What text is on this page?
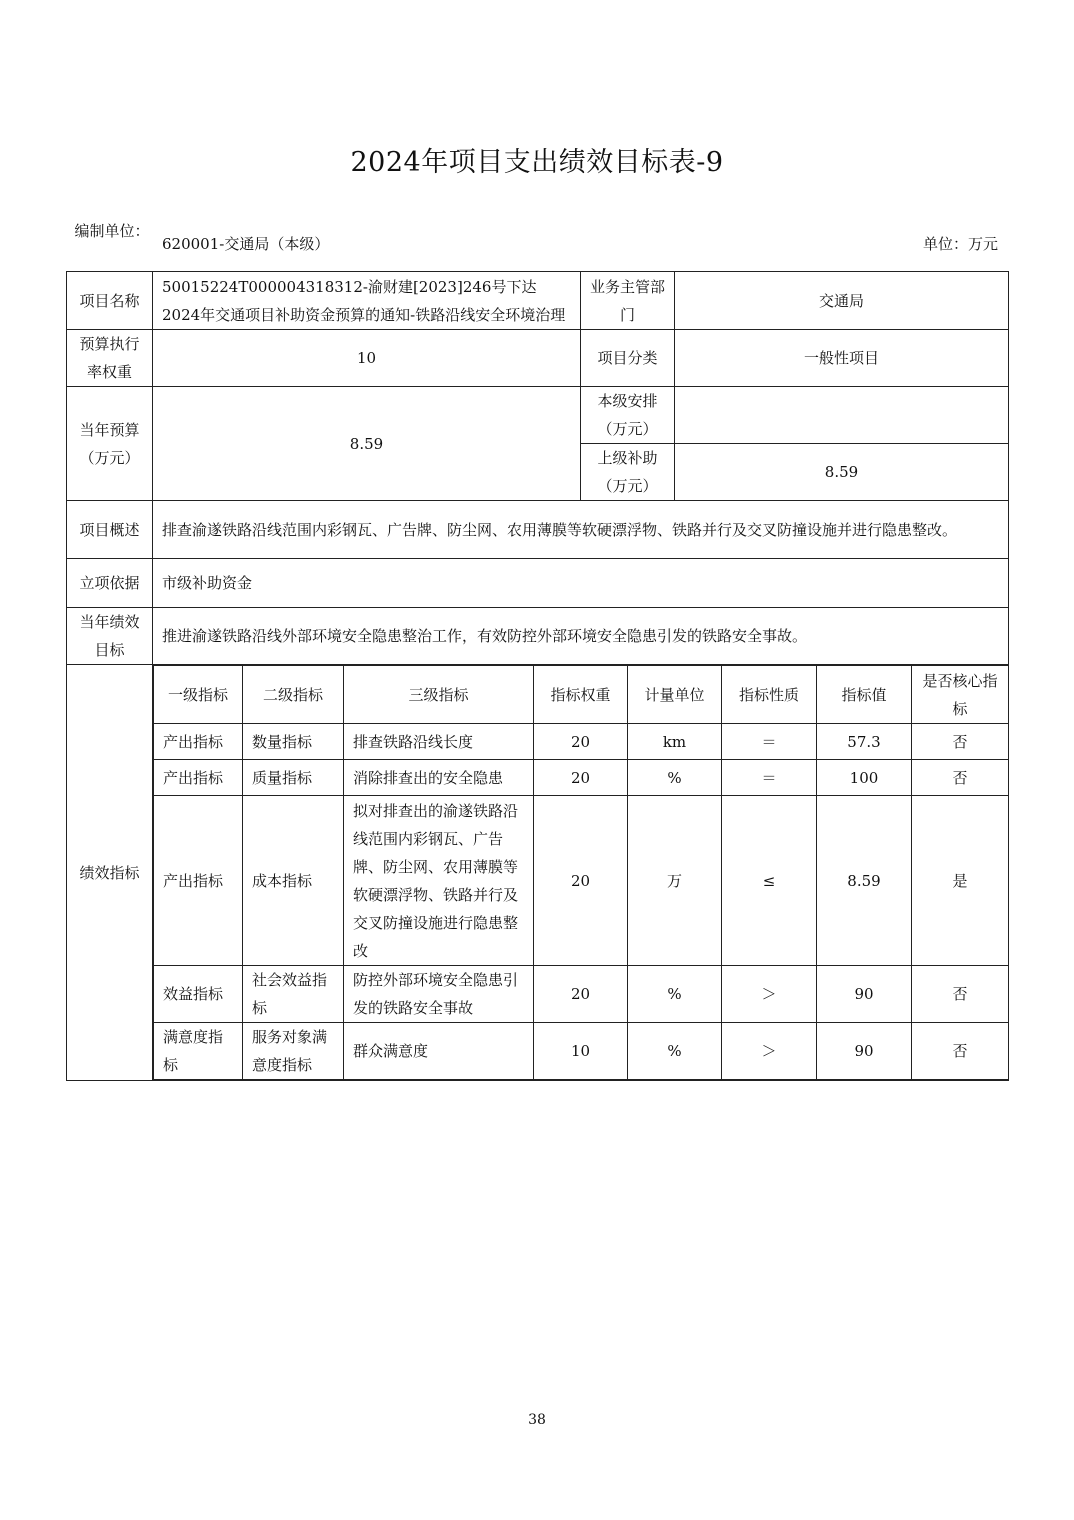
2024年项目支出绩效目标表-9
编制单位：
620001-交通局（本级）	单位：万元
项目名称	50015224T000004318312-渝财建[2023]246号下达2024年交通项目补助资金预算的通知-铁路沿线安全环境治理	业务主管部门	交通局
预算执行率权重	10	项目分类	一般性项目
当年预算（万元）	8.59	本级安排（万元）	
上级补助（万元）	8.59
项目概述	排查渝遂铁路沿线范围内彩钢瓦、广告牌、防尘网、农用薄膜等软硬漂浮物、铁路并行及交叉防撞设施并进行隐患整改。
立项依据	市级补助资金
当年绩效目标	推进渝遂铁路沿线外部环境安全隐患整治工作，有效防控外部环境安全隐患引发的铁路安全事故。
绩效指标	
一级指标	二级指标	三级指标	指标权重	计量单位	指标性质	指标值	是否核心指标
产出指标	数量指标	排查铁路沿线长度	20	km	＝	57.3	否
产出指标	质量指标	消除排查出的安全隐患	20	%	＝	100	否
产出指标	成本指标	拟对排查出的渝遂铁路沿线范围内彩钢瓦、广告牌、防尘网、农用薄膜等软硬漂浮物、铁路并行及交叉防撞设施进行隐患整改	20	万	≤	8.59	是
效益指标	社会效益指标	防控外部环境安全隐患引发的铁路安全事故	20	%	＞	90	否
满意度指标	服务对象满意度指标	群众满意度	10	%	＞	90	否
38
